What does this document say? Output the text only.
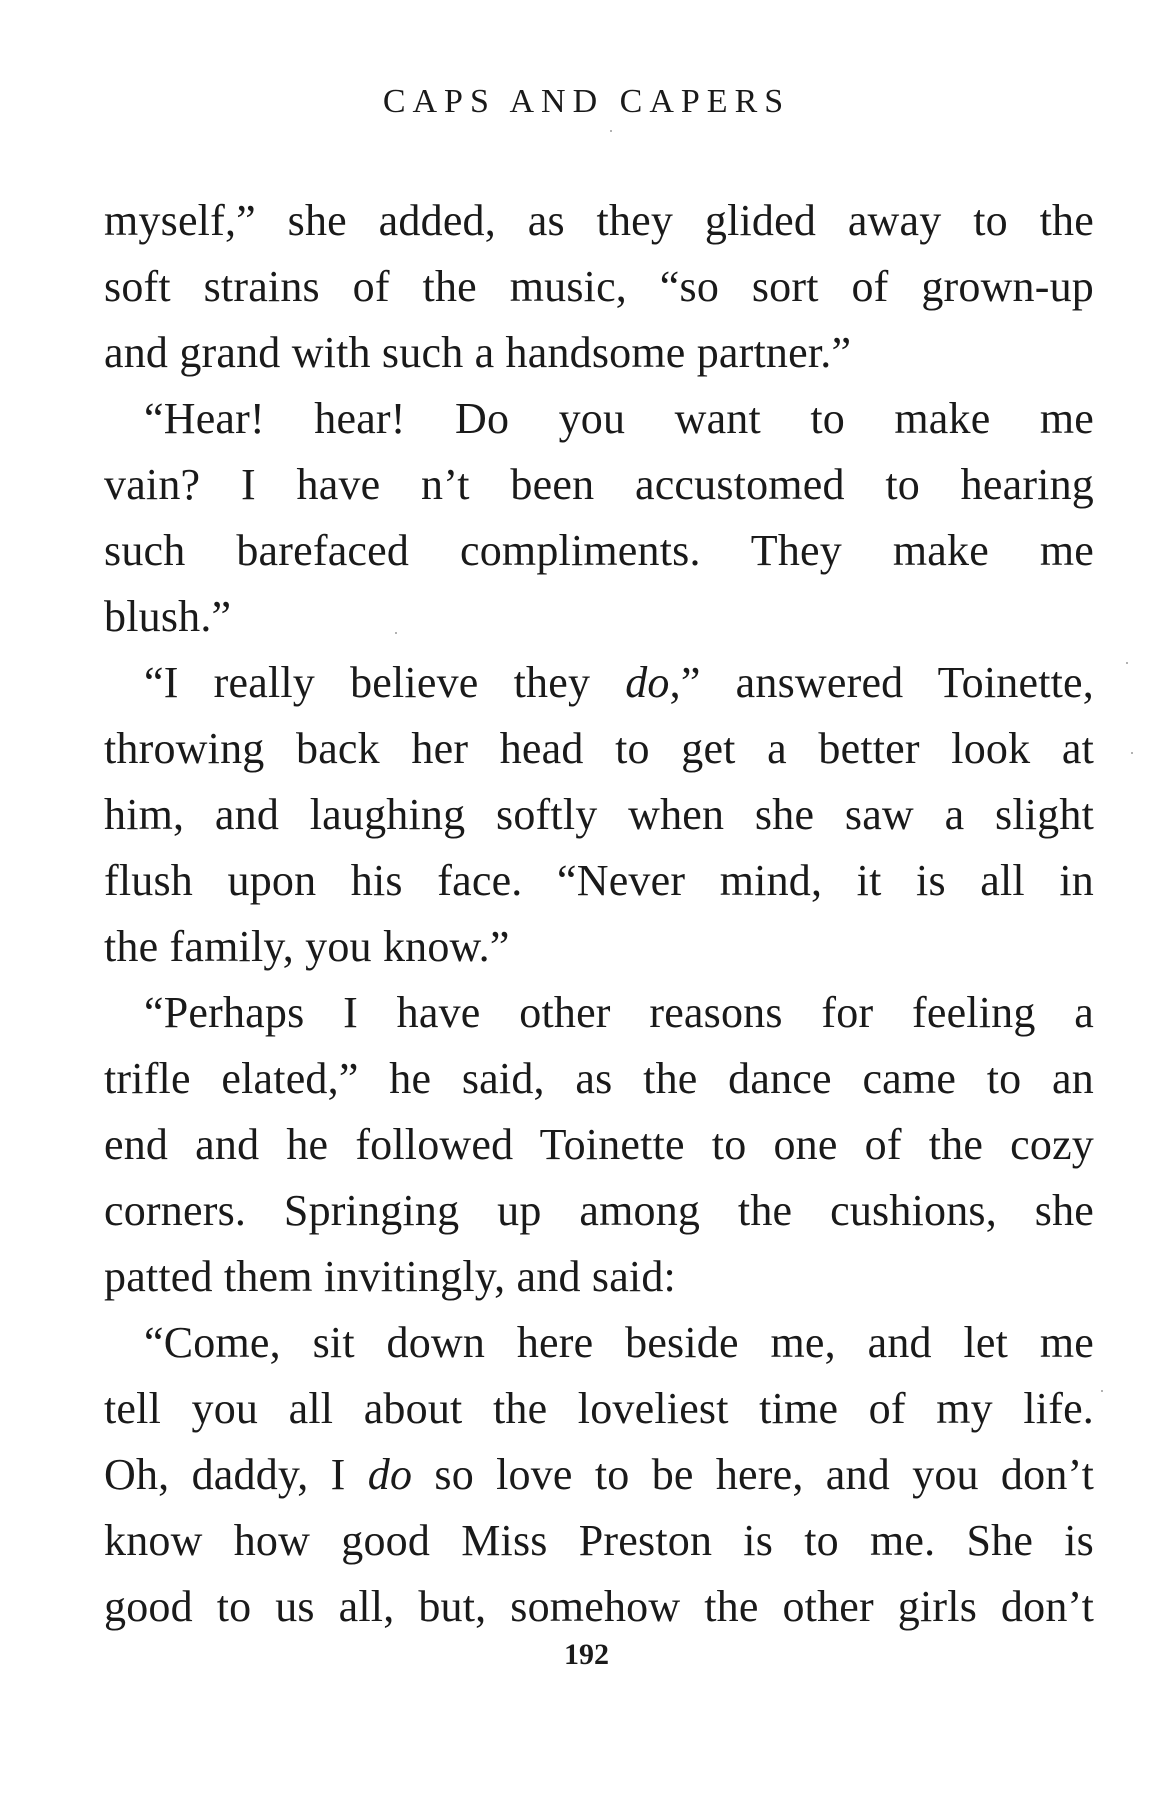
CAPS AND CAPERS
myself,” she added, as they glided away to the
soft strains of the music, “so sort of grown-up
and grand with such a handsome partner.”
“Hear! hear! Do you want to make me
vain? I have n’t been accustomed to hearing
such barefaced compliments. They make me
blush.”
“I really believe they do,” answered Toinette,
throwing back her head to get a better look at
him, and laughing softly when she saw a slight
flush upon his face. “Never mind, it is all in
the family, you know.”
“Perhaps I have other reasons for feeling a
trifle elated,” he said, as the dance came to an
end and he followed Toinette to one of the cozy
corners. Springing up among the cushions, she
patted them invitingly, and said:
“Come, sit down here beside me, and let me
tell you all about the loveliest time of my life.
Oh, daddy, I do so love to be here, and you don’t
know how good Miss Preston is to me. She is
good to us all, but, somehow the other girls don’t
192
